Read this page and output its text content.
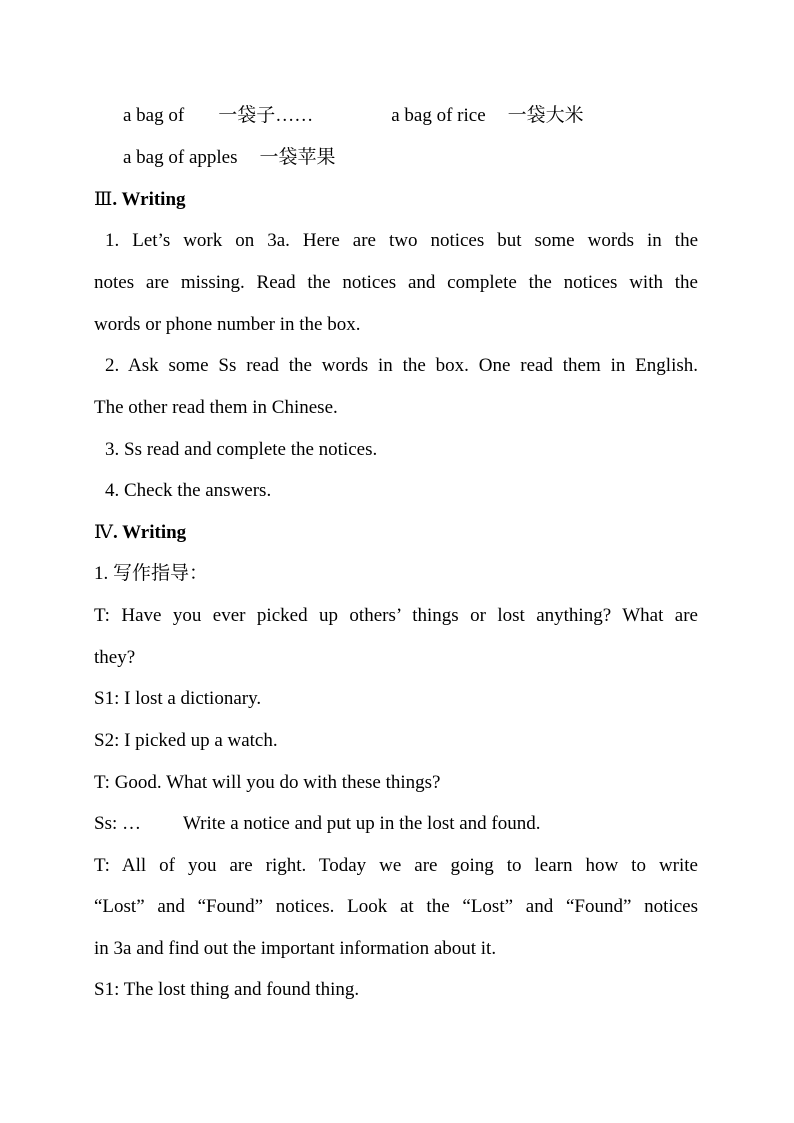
a bag of 一袋子……	a bag of rice 一袋大米
a bag of apples 一袋苹果
Ⅲ. Writing
1. Let’s work on 3a. Here are two notices but some words in the
notes are missing. Read the notices and complete the notices with the
words or phone number in the box.
2. Ask some Ss read the words in the box. One read them in English.
The other read them in Chinese.
3. Ss read and complete the notices.
4. Check the answers.
Ⅳ. Writing
1. 写作指导：
T: Have you ever picked up others’ things or lost anything? What are
they?
S1: I lost a dictionary.
S2: I picked up a watch.
T: Good. What will you do with these things?
Ss: … Write a notice and put up in the lost and found.
T: All of you are right. Today we are going to learn how to write
“Lost” and “Found” notices. Look at the “Lost” and “Found” notices
in 3a and find out the important information about it.
S1: The lost thing and found thing.
